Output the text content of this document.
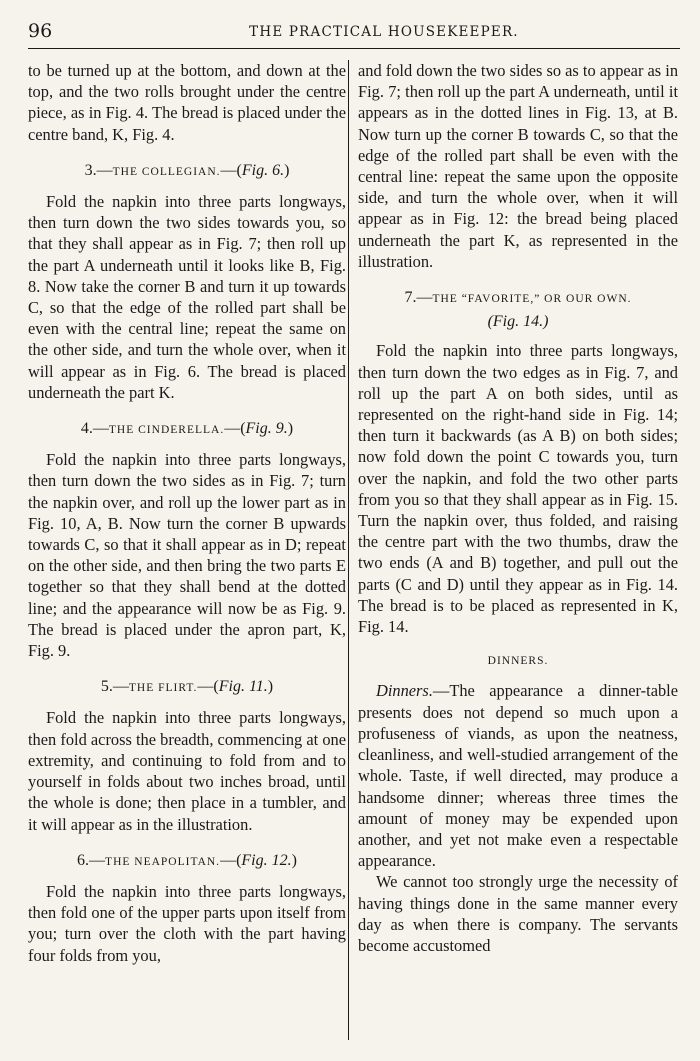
96	THE PRACTICAL HOUSEKEEPER.

to be turned up at the bottom, and down at the top, and the two rolls brought under the centre piece, as in Fig. 4. The bread is placed under the centre band, K, Fig. 4.

3.—THE COLLEGIAN.—(Fig. 6.)

Fold the napkin into three parts longways, then turn down the two sides towards you, so that they shall appear as in Fig. 7; then roll up the part A underneath until it looks like B, Fig. 8. Now take the corner B and turn it up towards C, so that the edge of the rolled part shall be even with the central line; repeat the same on the other side, and turn the whole over, when it will appear as in Fig. 6. The bread is placed underneath the part K.

4.—THE CINDERELLA.—(Fig. 9.)

Fold the napkin into three parts longways, then turn down the two sides as in Fig. 7; turn the napkin over, and roll up the lower part as in Fig. 10, A, B. Now turn the corner B upwards towards C, so that it shall appear as in D; repeat on the other side, and then bring the two parts E together so that they shall bend at the dotted line; and the appearance will now be as Fig. 9. The bread is placed under the apron part, K, Fig. 9.

5.—THE FLIRT.—(Fig. 11.)

Fold the napkin into three parts longways, then fold across the breadth, commencing at one extremity, and continuing to fold from and to yourself in folds about two inches broad, until the whole is done; then place in a tumbler, and it will appear as in the illustration.

6.—THE NEAPOLITAN.—(Fig. 12.)

Fold the napkin into three parts longways, then fold one of the upper parts upon itself from you; turn over the cloth with the part having four folds from you,

and fold down the two sides so as to appear as in Fig. 7; then roll up the part A underneath, until it appears as in the dotted lines in Fig. 13, at B. Now turn up the corner B towards C, so that the edge of the rolled part shall be even with the central line: repeat the same upon the opposite side, and turn the whole over, when it will appear as in Fig. 12: the bread being placed underneath the part K, as represented in the illustration.

7.—THE “FAVORITE,” OR OUR OWN.
(Fig. 14.)

Fold the napkin into three parts longways, then turn down the two edges as in Fig. 7, and roll up the part A on both sides, until as represented on the right-hand side in Fig. 14; then turn it backwards (as A B) on both sides; now fold down the point C towards you, turn over the napkin, and fold the two other parts from you so that they shall appear as in Fig. 15. Turn the napkin over, thus folded, and raising the centre part with the two thumbs, draw the two ends (A and B) together, and pull out the parts (C and D) until they appear as in Fig. 14. The bread is to be placed as represented in K, Fig. 14.

DINNERS.

Dinners.—The appearance a dinner-table presents does not depend so much upon a profuseness of viands, as upon the neatness, cleanliness, and well-studied arrangement of the whole. Taste, if well directed, may produce a handsome dinner; whereas three times the amount of money may be expended upon another, and yet not make even a respectable appearance.

We cannot too strongly urge the necessity of having things done in the same manner every day as when there is company. The servants become accustomed
